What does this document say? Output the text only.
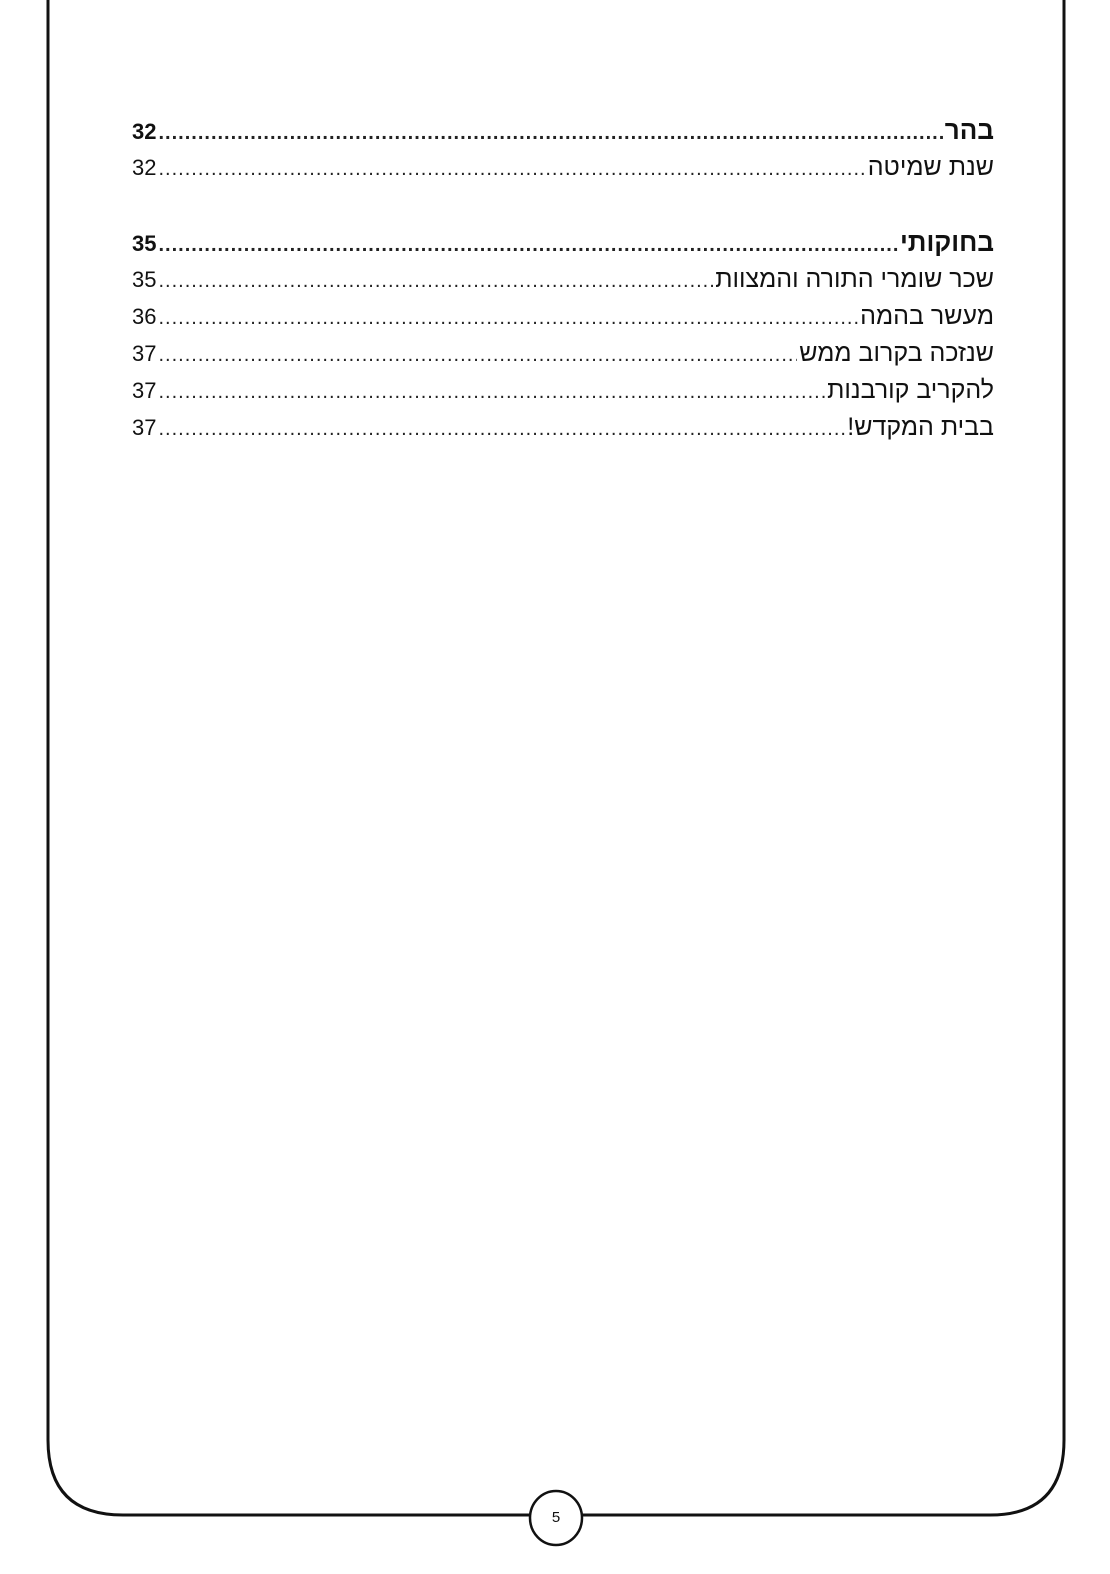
בהר
.....
32
שנת שמיטה
.....
32
בחוקותי
.....
35
שכר שומרי התורה והמצוות
.....
35
מעשר בהמה
.....
36
שנזכה בקרוב ממש
.....
37
להקריב קורבנות
.....
37
בבית המקדש!
.....
37
5
